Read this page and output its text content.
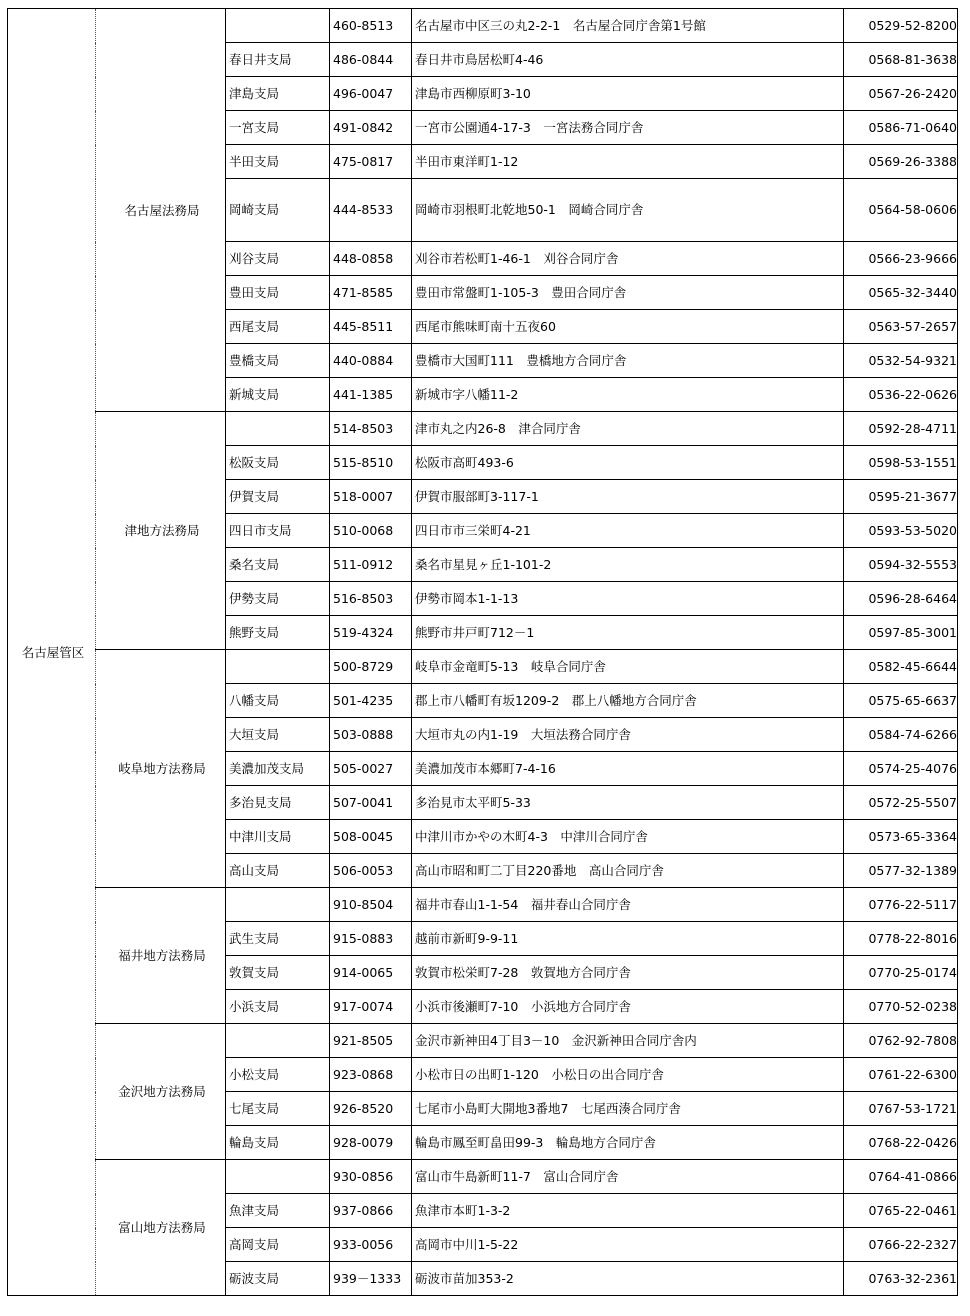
名古屋管区	名古屋法務局		460-8513	名古屋市中区三の丸2-2-1　名古屋合同庁舎第1号館	0529-52-8200
		春日井支局	486-0844	春日井市鳥居松町4-46	0568-81-3638
		津島支局	496-0047	津島市西柳原町3-10	0567-26-2420
		一宮支局	491-0842	一宮市公園通4-17-3　一宮法務合同庁舎	0586-71-0640
		半田支局	475-0817	半田市東洋町1-12	0569-26-3388
		岡崎支局	444-8533	岡崎市羽根町北乾地50-1　岡崎合同庁舎	0564-58-0606
		刈谷支局	448-0858	刈谷市若松町1-46-1　刈谷合同庁舎	0566-23-9666
		豊田支局	471-8585	豊田市常盤町1-105-3　豊田合同庁舎	0565-32-3440
		西尾支局	445-8511	西尾市熊味町南十五夜60	0563-57-2657
		豊橋支局	440-0884	豊橋市大国町111　豊橋地方合同庁舎	0532-54-9321
		新城支局	441-1385	新城市字八幡11-2	0536-22-0626
	津地方法務局		514-8503	津市丸之内26-8　津合同庁舎	0592-28-4711
		松阪支局	515-8510	松阪市高町493-6	0598-53-1551
		伊賀支局	518-0007	伊賀市服部町3-117-1	0595-21-3677
		四日市支局	510-0068	四日市市三栄町4-21	0593-53-5020
		桑名支局	511-0912	桑名市星見ヶ丘1-101-2	0594-32-5553
		伊勢支局	516-8503	伊勢市岡本1-1-13	0596-28-6464
		熊野支局	519-4324	熊野市井戸町712－1	0597-85-3001
	岐阜地方法務局		500-8729	岐阜市金竜町5-13　岐阜合同庁舎	0582-45-6644
		八幡支局	501-4235	郡上市八幡町有坂1209-2　郡上八幡地方合同庁舎	0575-65-6637
		大垣支局	503-0888	大垣市丸の内1-19　大垣法務合同庁舎	0584-74-6266
		美濃加茂支局	505-0027	美濃加茂市本郷町7-4-16	0574-25-4076
		多治見支局	507-0041	多治見市太平町5-33	0572-25-5507
		中津川支局	508-0045	中津川市かやの木町4-3　中津川合同庁舎	0573-65-3364
		高山支局	506-0053	高山市昭和町二丁目220番地　高山合同庁舎	0577-32-1389
	福井地方法務局		910-8504	福井市春山1-1-54　福井春山合同庁舎	0776-22-5117
		武生支局	915-0883	越前市新町9-9-11	0778-22-8016
		敦賀支局	914-0065	敦賀市松栄町7-28　敦賀地方合同庁舎	0770-25-0174
		小浜支局	917-0074	小浜市後瀬町7-10　小浜地方合同庁舎	0770-52-0238
	金沢地方法務局		921-8505	金沢市新神田4丁目3－10　金沢新神田合同庁舎内	0762-92-7808
		小松支局	923-0868	小松市日の出町1-120　小松日の出合同庁舎	0761-22-6300
		七尾支局	926-8520	七尾市小島町大開地3番地7　七尾西湊合同庁舎	0767-53-1721
		輪島支局	928-0079	輪島市鳳至町畠田99-3　輪島地方合同庁舎	0768-22-0426
	富山地方法務局		930-0856	富山市牛島新町11-7　富山合同庁舎	0764-41-0866
		魚津支局	937-0866	魚津市本町1-3-2	0765-22-0461
		高岡支局	933-0056	高岡市中川1-5-22	0766-22-2327
		砺波支局	939－1333	砺波市苗加353-2	0763-32-2361
